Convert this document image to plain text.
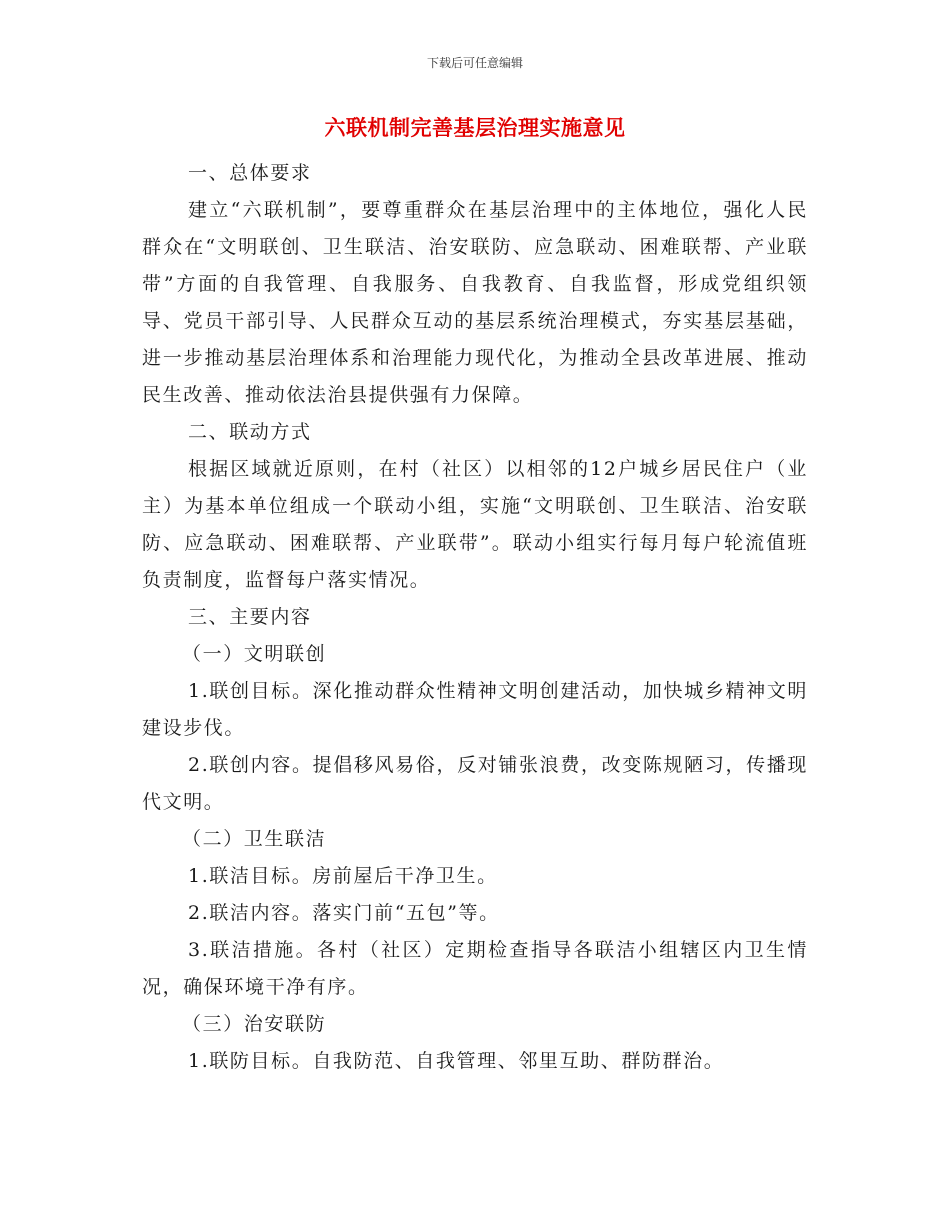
下载后可任意编辑
六联机制完善基层治理实施意见

一、总体要求

建立“六联机制”，要尊重群众在基层治理中的主体地位，强化人民群众在“文明联创、卫生联洁、治安联防、应急联动、困难联帮、产业联带”方面的自我管理、自我服务、自我教育、自我监督，形成党组织领导、党员干部引导、人民群众互动的基层系统治理模式，夯实基层基础，进一步推动基层治理体系和治理能力现代化，为推动全县改革进展、推动民生改善、推动依法治县提供强有力保障。

二、联动方式

根据区域就近原则，在村（社区）以相邻的12户城乡居民住户（业主）为基本单位组成一个联动小组，实施“文明联创、卫生联洁、治安联防、应急联动、困难联帮、产业联带”。联动小组实行每月每户轮流值班负责制度，监督每户落实情况。

三、主要内容

（一）文明联创

1.联创目标。深化推动群众性精神文明创建活动，加快城乡精神文明建设步伐。

2.联创内容。提倡移风易俗，反对铺张浪费，改变陈规陋习，传播现代文明。

（二）卫生联洁

1.联洁目标。房前屋后干净卫生。

2.联洁内容。落实门前“五包”等。

3.联洁措施。各村（社区）定期检查指导各联洁小组辖区内卫生情况，确保环境干净有序。

（三）治安联防

1.联防目标。自我防范、自我管理、邻里互助、群防群治。
